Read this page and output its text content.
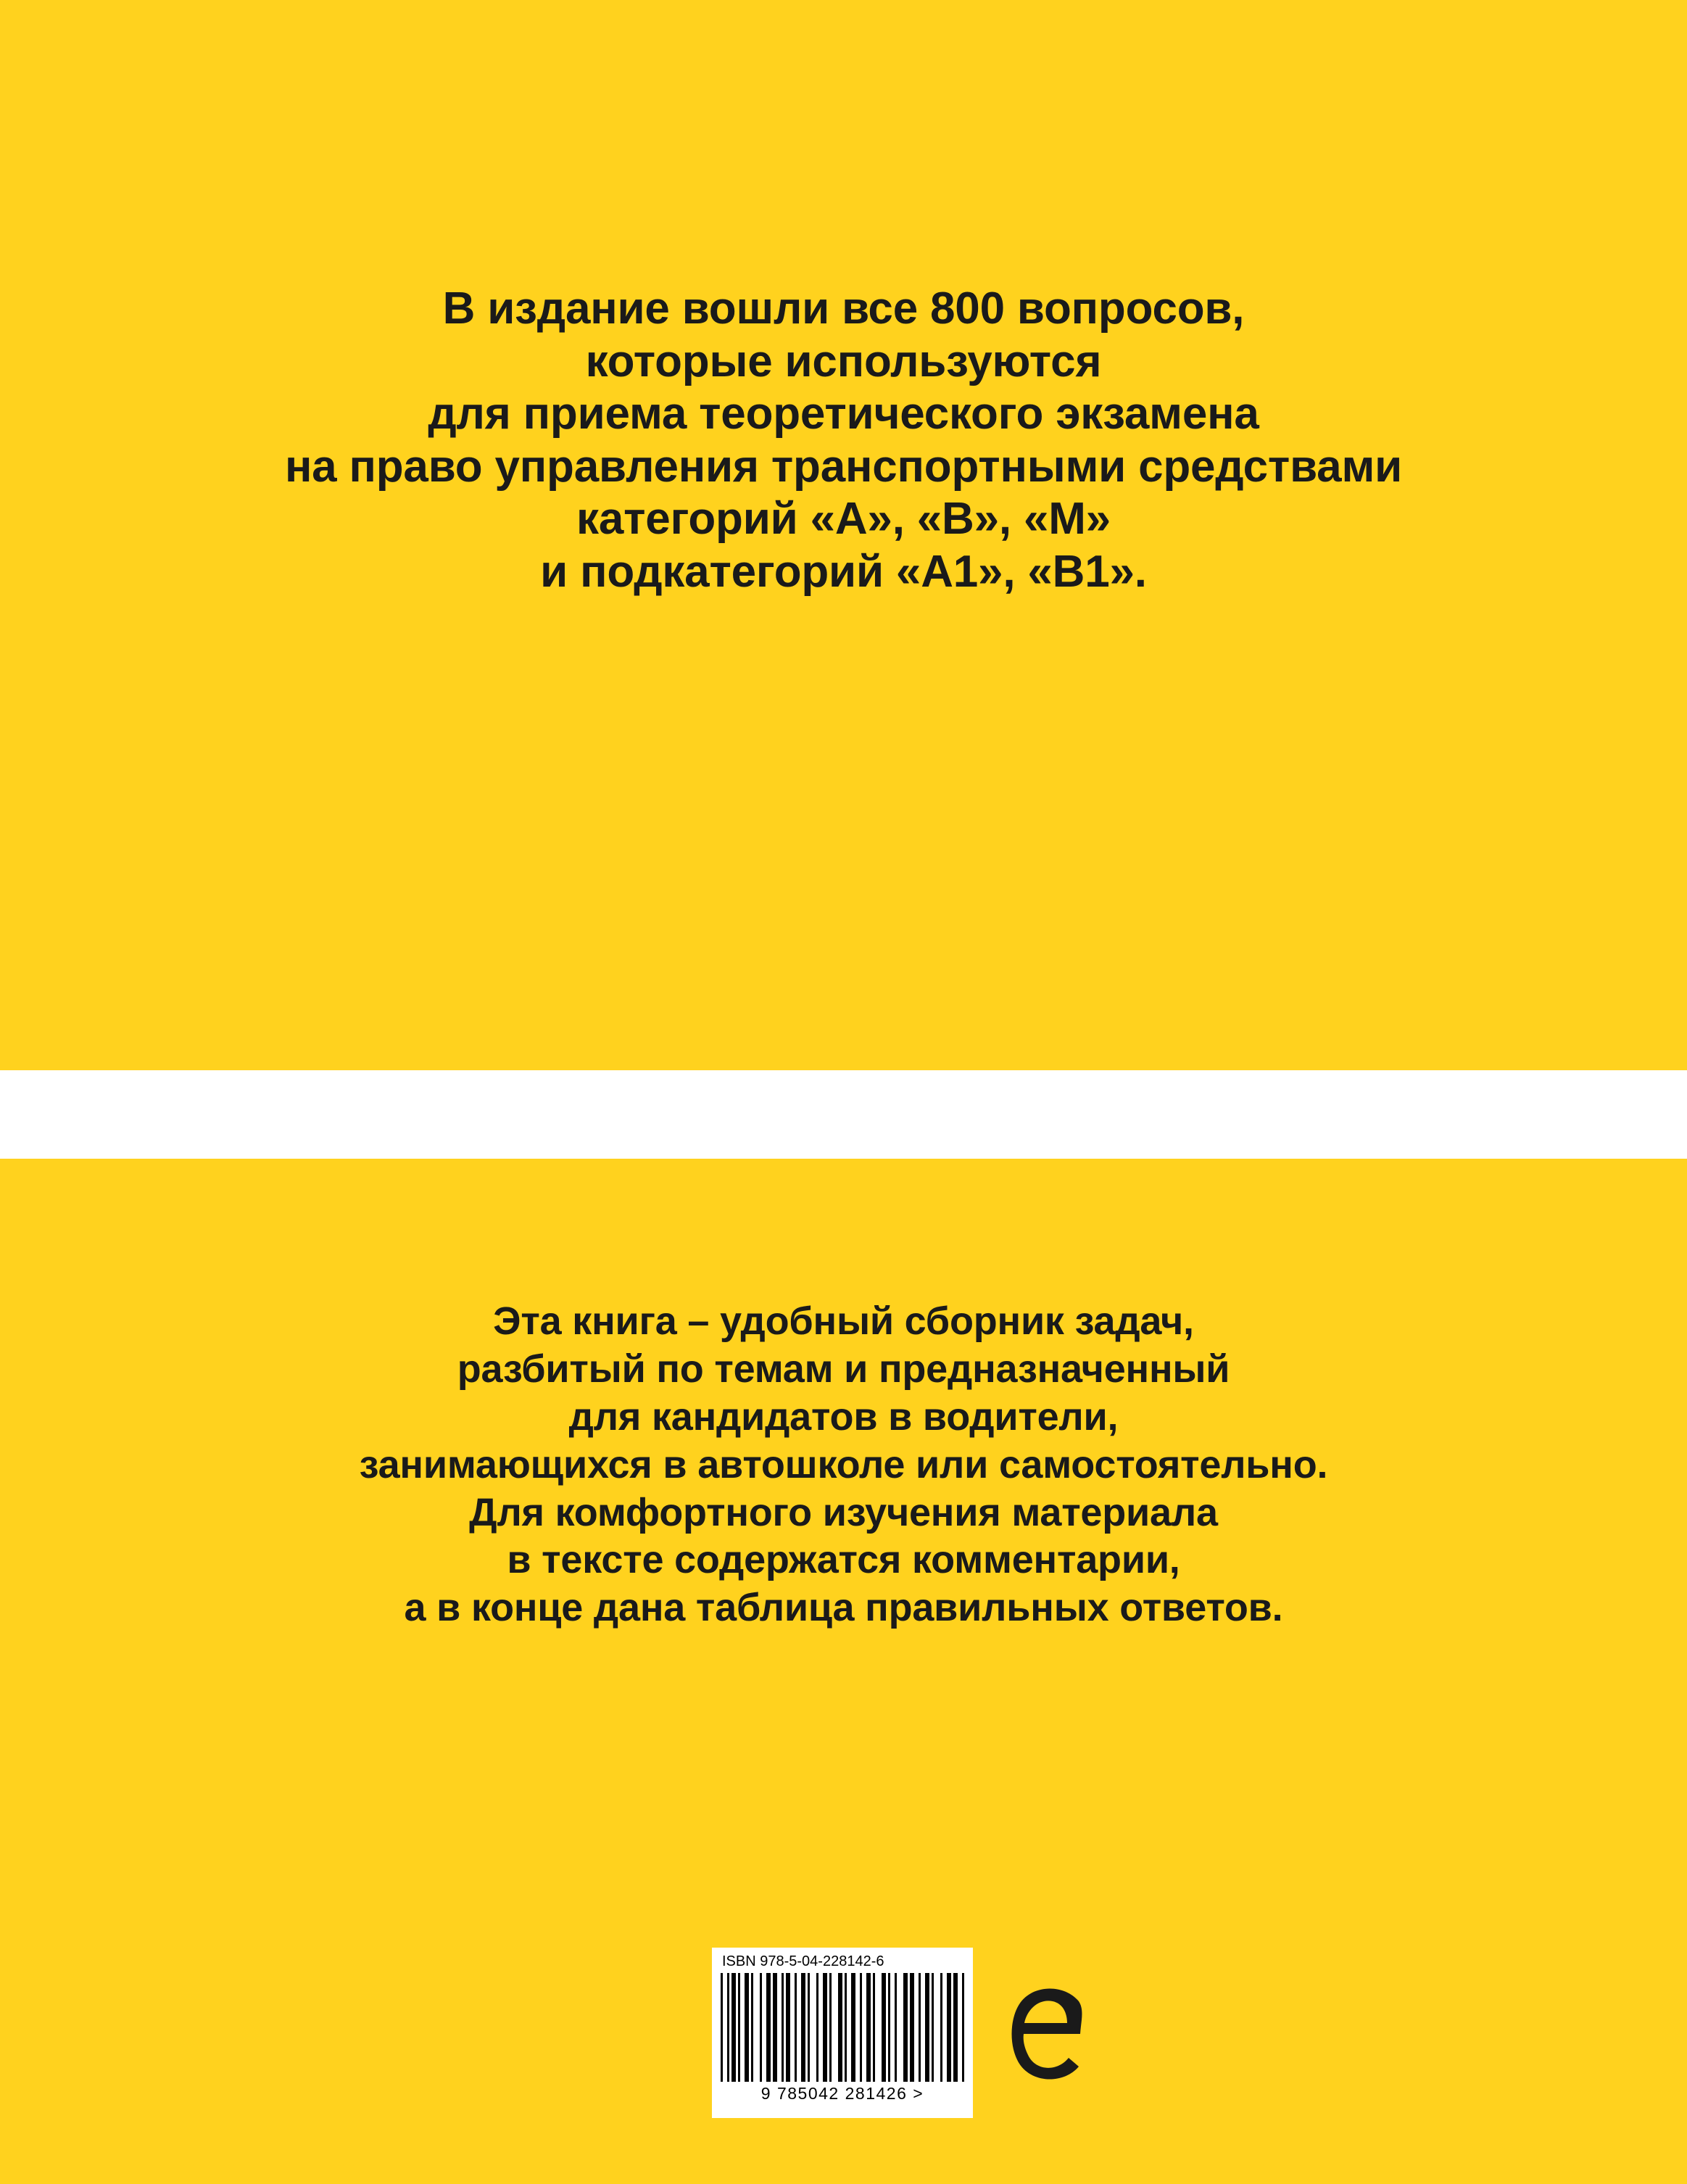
В издание вошли все 800 вопросов,
которые используются
для приема теоретического экзамена
на право управления транспортными средствами
категорий «A», «B», «M»
и подкатегорий «A1», «B1».
Эта книга – удобный сборник задач,
разбитый по темам и предназначенный
для кандидатов в водители,
занимающихся в автошколе или самостоятельно.
Для комфортного изучения материала
в тексте содержатся комментарии,
а в конце дана таблица правильных ответов.
ISBN 978-5-04-228142-6
9 785042 281426 >
